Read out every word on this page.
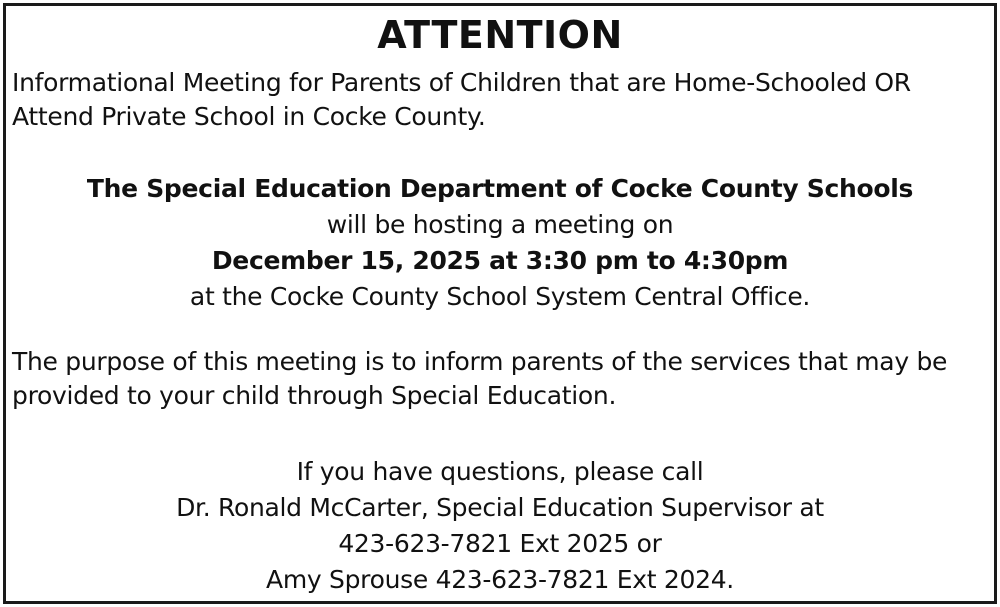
ATTENTION
Informational Meeting for Parents of Children that are Home-Schooled OR Attend Private School in Cocke County.
The Special Education Department of Cocke County Schools
will be hosting a meeting on
December 15, 2025 at 3:30 pm to 4:30pm
at the Cocke County School System Central Office.
The purpose of this meeting is to inform parents of the services that may be provided to your child through Special Education.
If you have questions, please call
Dr. Ronald McCarter, Special Education Supervisor at
423-623-7821 Ext 2025 or
Amy Sprouse 423-623-7821 Ext 2024.
